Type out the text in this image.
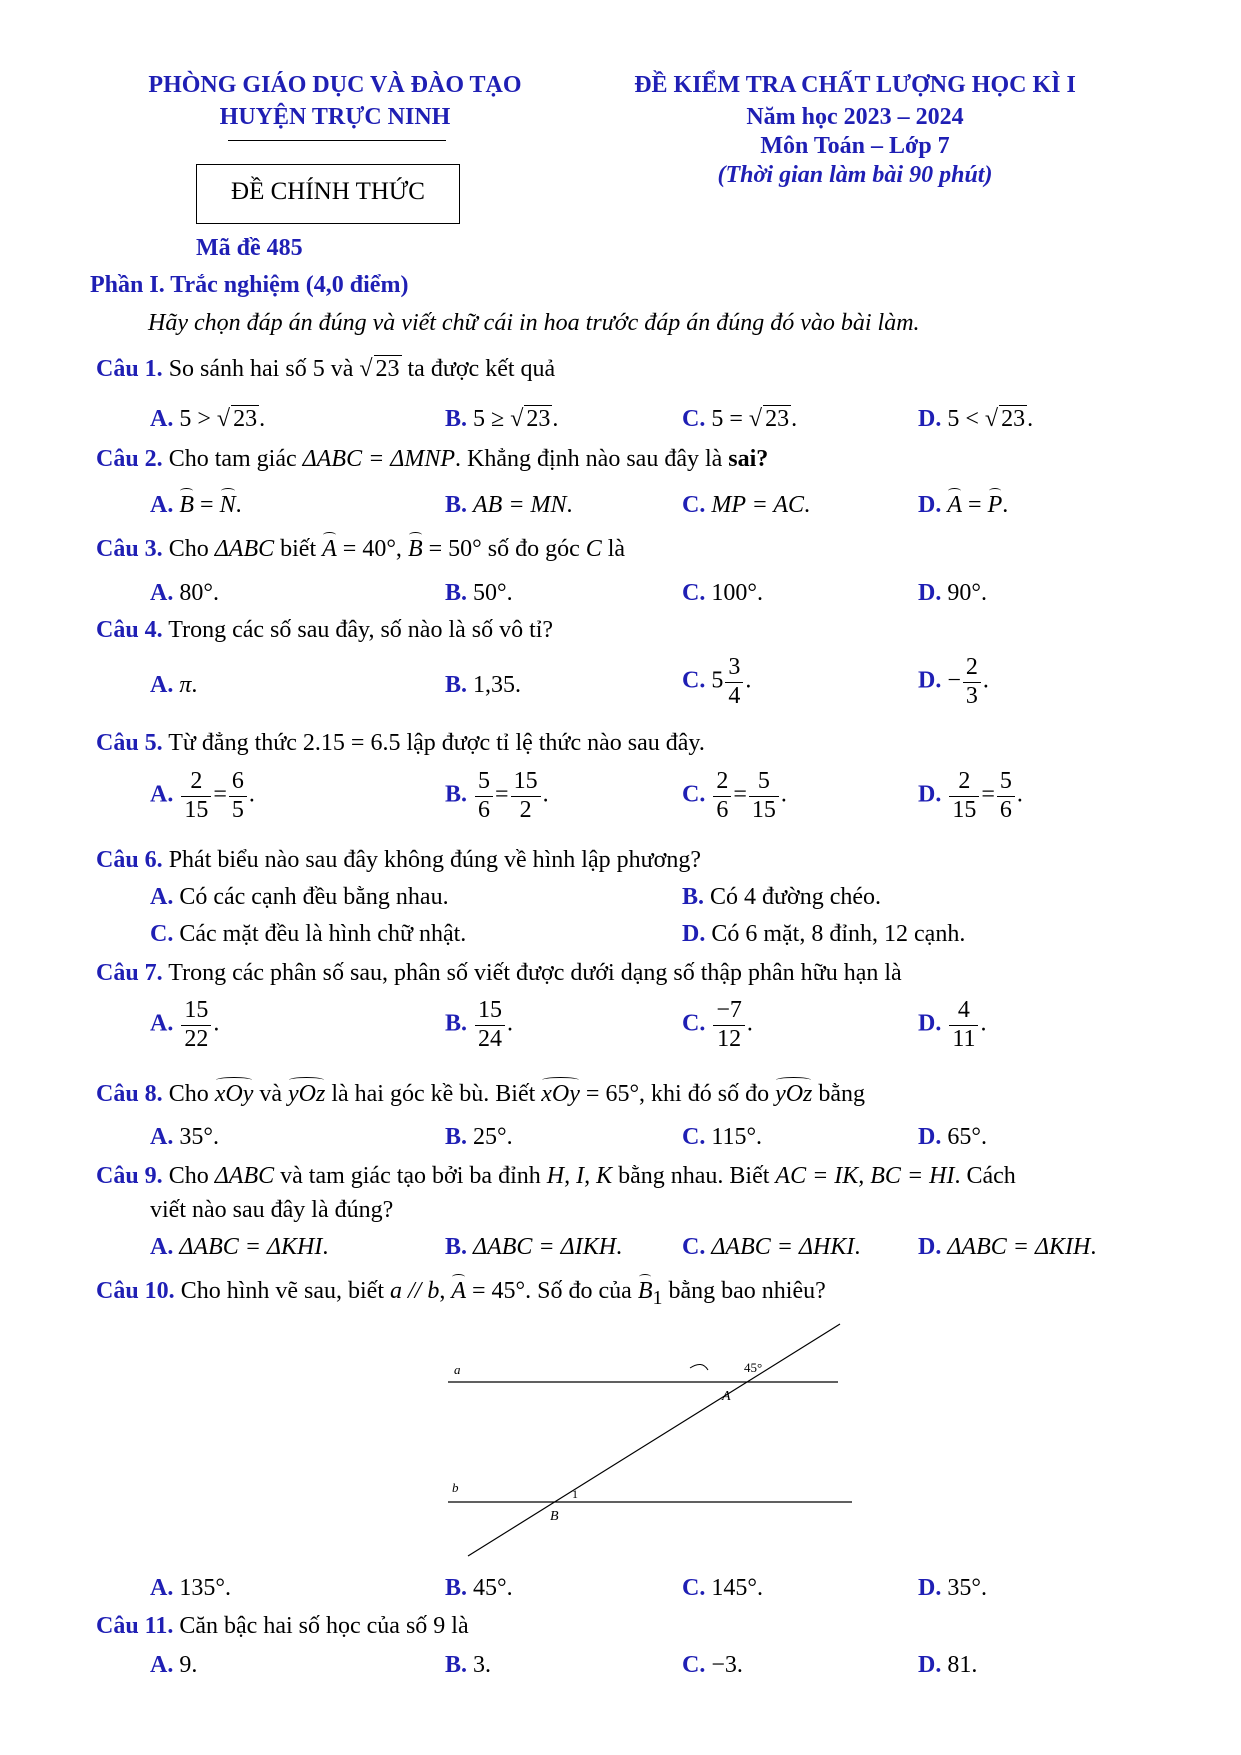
PHÒNG GIÁO DỤC VÀ ĐÀO TẠO
HUYỆN TRỰC NINH
ĐỀ CHÍNH THỨC
Mã đề 485
ĐỀ KIỂM TRA CHẤT LƯỢNG HỌC KÌ I
Năm học 2023 – 2024
Môn Toán – Lớp 7
(Thời gian làm bài 90 phút)
Phần I. Trắc nghiệm (4,0 điểm)
Hãy chọn đáp án đúng và viết chữ cái in hoa trước đáp án đúng đó vào bài làm.
Câu 1. So sánh hai số 5 và √ 23 ta được kết quả
A. 5 > √ 23.	B. 5 ≥ √ 23.	C. 5 = √ 23.	D. 5 < √ 23.
Câu 2. Cho tam giác ΔABC = ΔMNP. Khẳng định nào sau đây là sai?
A. B = N.	B. AB = MN.	C. MP = AC.	D. A = P.
Câu 3. Cho ΔABC biết A = 40°, B = 50° số đo góc C là
A. 80°.	B. 50°.	C. 100°.	D. 90°.
Câu 4. Trong các số sau đây, số nào là số vô tỉ?
A. π.	B. 1,35.	C. $5 \frac{3}{4}$ .	D. − $\frac{2}{3}$ .
Câu 5. Từ đẳng thức 2.15 = 6.5 lập được tỉ lệ thức nào sau đây.
A. $\frac{2}{15} = \frac{6}{5}$ .	B. $\frac{5}{6} = \frac{15}{2}$ .	C. $\frac{2}{6} = \frac{5}{15}$ .	D. $\frac{2}{15} = \frac{5}{6}$ .
Câu 6. Phát biểu nào sau đây không đúng về hình lập phương?
A. Có các cạnh đều bằng nhau.	B. Có 4 đường chéo.
C. Các mặt đều là hình chữ nhật.	D. Có 6 mặt, 8 đỉnh, 12 cạnh.
Câu 7. Trong các phân số sau, phân số viết được dưới dạng số thập phân hữu hạn là
A. $\frac{15}{22}$ .	B. $\frac{15}{24}$ .	C. $\frac{-7}{12}$ .	D. $\frac{4}{11}$ .
Câu 8. Cho xOy và yOz là hai góc kề bù. Biết xOy = 65°, khi đó số đo yOz bằng
A. 35°.	B. 25°.	C. 115°.	D. 65°.
Câu 9. Cho ΔABC và tam giác tạo bởi ba đỉnh H, I, K bằng nhau. Biết AC = IK, BC = HI. Cách
viết nào sau đây là đúng?
A. ΔABC = ΔKHI.	B. ΔABC = ΔIKH. C. ΔABC = ΔHKI. D. ΔABC = ΔKIH.
Câu 10. Cho hình vẽ sau, biết a // b, A = 45°. Số đo của $B_1$ bằng bao nhiêu?
a
b
45°
A
B
1
A. 135°.	B. 45°.	C. 145°.	D. 35°.
Câu 11. Căn bậc hai số học của số 9 là
A. 9.	B. 3.	C. −3.	D. 81.
